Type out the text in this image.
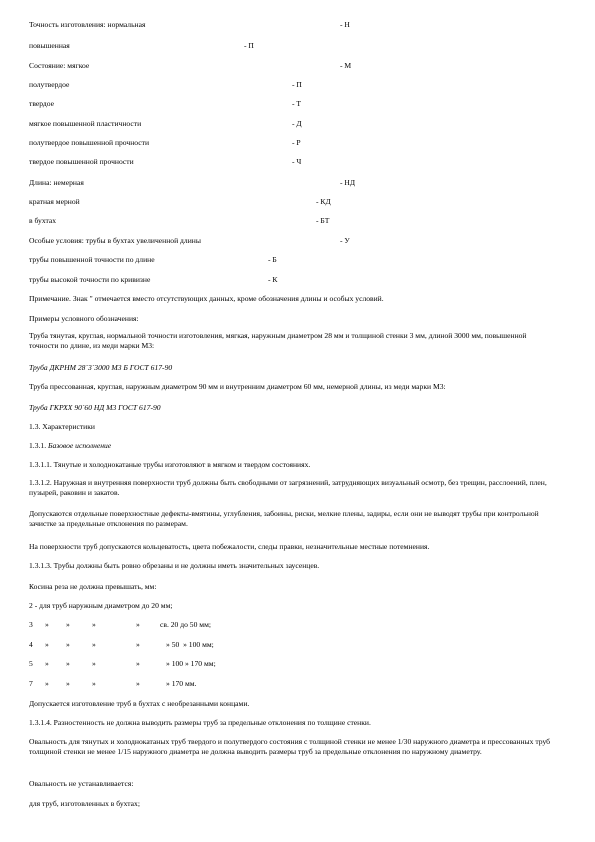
Точность изготовления: нормальная	- Н
повышенная	- П
Состояние: мягкое	- М
полутвердое	- П
твердое	- Т
мягкое повышенной пластичности	- Д
полутвердое повышенной прочности	- Р
твердое повышенной прочности	- Ч
Длина: немерная	- НД
кратная мерной	- КД
в бухтах	- БТ
Особые условия: трубы в бухтах увеличенной длины	- У
трубы повышенной точности по длине	- Б
трубы высокой точности по кривизне	- К

Примечание. Знак " отмечается вместо отсутствующих данных, кроме обозначения длины и особых условий.

Примеры условного обозначения:

Труба тянутая, круглая, нормальной точности изготовления, мягкая, наружным диаметром 28 мм и толщиной стенки 3 мм, длиной 3000 мм, повышенной точности по длине, из меди марки М3:

Труба ДКРНМ 28´3´3000 М3 Б ГОСТ 617-90

Труба прессованная, круглая, наружным диаметром 90 мм и внутренним диаметром 60 мм, немерной длины, из меди марки М3:

Труба ГКРХХ 90´60 НД М3 ГОСТ 617-90

1.3. Характеристики

1.3.1. Базовое исполнение

1.3.1.1. Тянутые и холоднокатаные трубы изготовляют в мягком и твердом состояниях.

1.3.1.2. Наружная и внутренняя поверхности труб должны быть свободными от загрязнений, затрудняющих визуальный осмотр, без трещин, расслоений, плен, пузырей, раковин и закатов.

Допускаются отдельные поверхностные дефекты-вмятины, углубления, забоины, риски, мелкие плены, задиры, если они не выводят трубы при контрольной зачистке за предельные отклонения по размерам.

На поверхности труб допускаются кольцеватость, цвета побежалости, следы правки, незначительные местные потемнения.

1.3.1.3. Трубы должны быть ровно обрезаны и не должны иметь значительных заусенцев.

Косина реза не должна превышать, мм:

2 - для труб наружным диаметром до 20 мм;

3 » »	»	»	св. 20 до 50 мм;
4 » »	»	»	» 50  » 100 мм;
5 » »	»	»	» 100 » 170 мм;
7 » »	»	»	» 170 мм.

Допускается изготовление труб в бухтах с необрезанными концами.

1.3.1.4. Разностенность не должна выводить размеры труб за предельные отклонения по толщине стенки.

Овальность для тянутых и холоднокатаных труб твердого и полутвердого состояния с толщиной стенки не менее 1/30 наружного диаметра и прессованных труб толщиной стенки не менее 1/15 наружного диаметра не должна выводить размеры труб за предельные отклонения по наружному диаметру.

Овальность не устанавливается:

для труб, изготовленных в бухтах;
